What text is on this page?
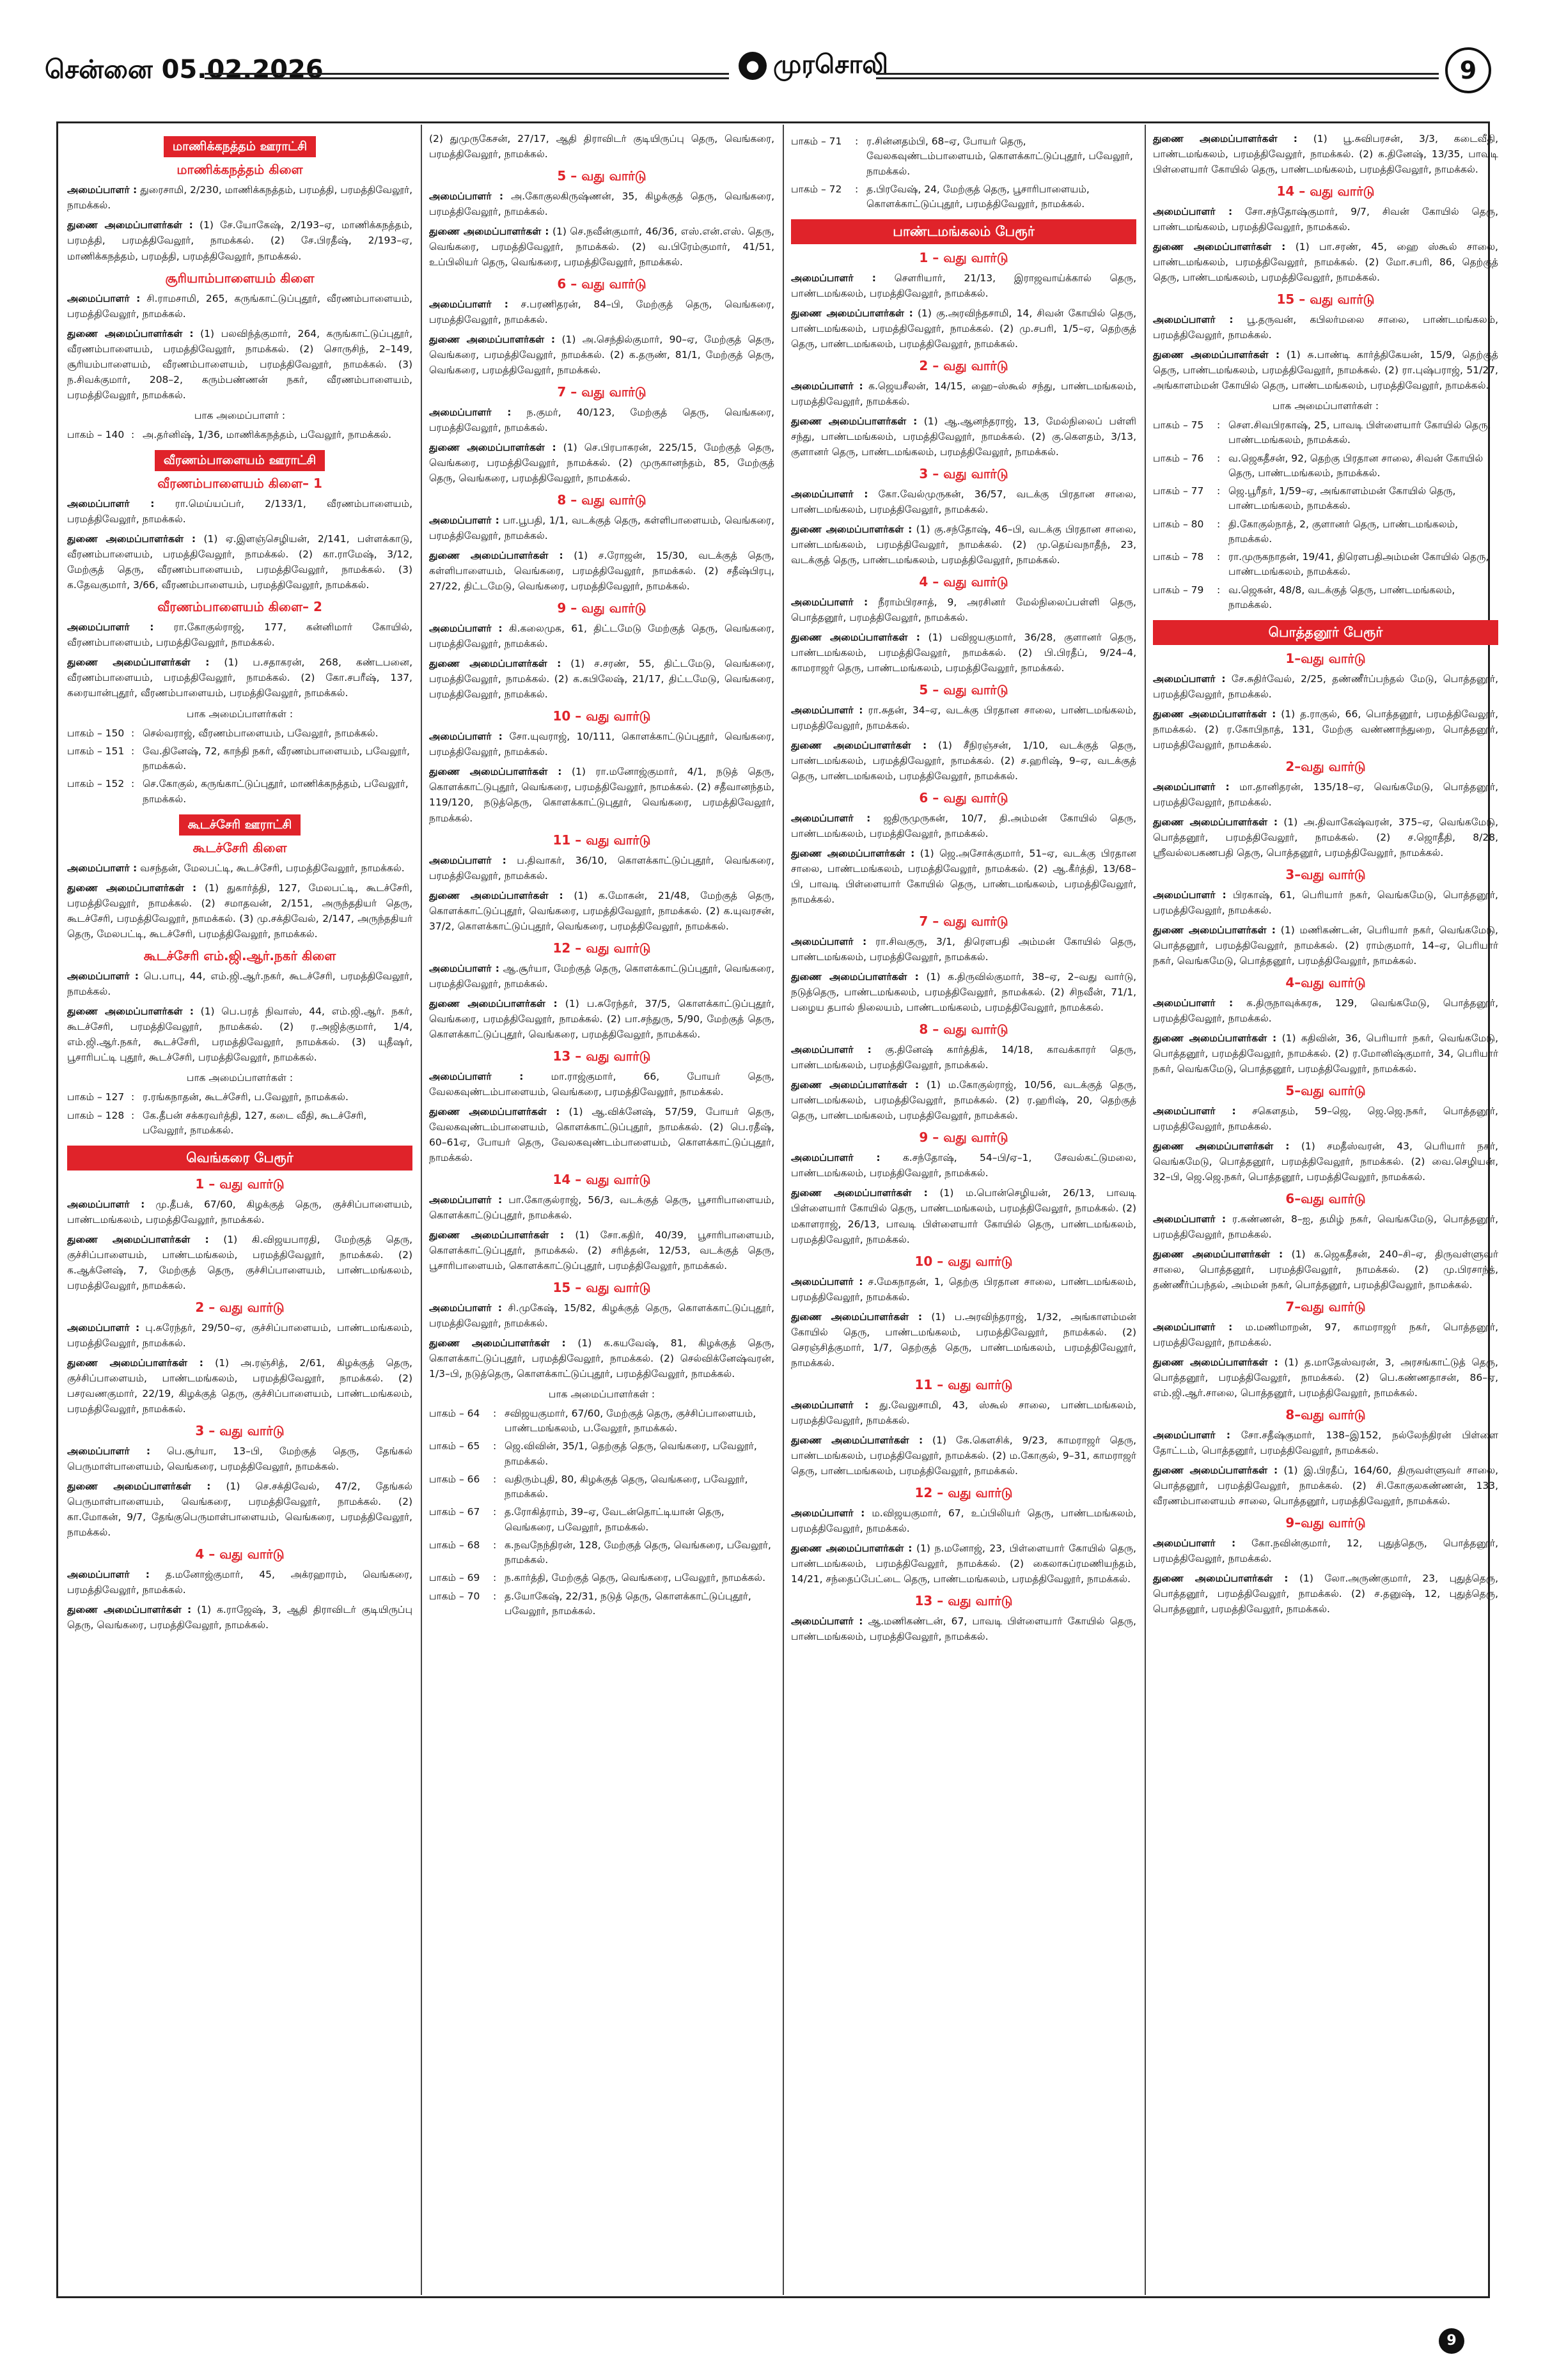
சென்னை 05.02.2026	● முரசொலி	9
மாணிக்கநத்தம் ஊராட்சி
மாணிக்கநத்தம் கிளை

அமைப்பாளர் : துரைசாமி, 2/230, மாணிக்கநத்தம், பரமத்தி, பரமத்திவேலூர், நாமக்கல்.

துணை அமைப்பாளர்கள் : (1) சே.யோகேஷ், 2/193–ஏ, மாணிக்கநத்தம், பரமத்தி, பரமத்திவேலூர், நாமக்கல். (2) சே.பிரதீஷ், 2/193–ஏ, மாணிக்கநத்தம், பரமத்தி, பரமத்திவேலூர், நாமக்கல்.

சூரியாம்பாளையம் கிளை

அமைப்பாளர் : சி.ராமசாமி, 265, கருங்காட்டுப்புதூர், வீரணம்பாளையம், பரமத்திவேலூர், நாமக்கல்.

துணை அமைப்பாளர்கள் : (1) பலவிந்த்குமார், 264, கருங்காட்டுப்புதூர், வீரணம்பாளையம், பரமத்திவேலூர், நாமக்கல். (2) சொருசிந், 2–149, சூரியம்பாளையம், வீரணம்பாளையம், பரமத்திவேலூர், நாமக்கல். (3) ந.சிவக்குமார், 208–2, கரும்பண்ணன் நகர், வீரணம்பாளையம், பரமத்திவேலூர், நாமக்கல்.

பாக அமைப்பாளர் :
பாகம் – 140	:	அ.தர்னிஷ், 1/36, மாணிக்கநத்தம், பவேலூர், நாமக்கல்.
வீரணம்பாளையம் ஊராட்சி
வீரணம்பாளையம் கிளை– 1

அமைப்பாளர் : ரா.மெய்யப்பர், 2/133/1, வீரணம்பாளையம், பரமத்திவேலூர், நாமக்கல்.

துணை அமைப்பாளர்கள் : (1) ஏ.இளஞ்செழியன், 2/141, பள்ளக்காடு, வீரணம்பாளையம், பரமத்திவேலூர், நாமக்கல். (2) கா.ராமேஷ், 3/12, மேற்குத் தெரு, வீரணம்பாளையம், பரமத்திவேலூர், நாமக்கல். (3) க.தேவகுமார், 3/66, வீரணம்பாளையம், பரமத்திவேலூர், நாமக்கல்.

வீரணம்பாளையம் கிளை– 2

அமைப்பாளர் : ரா.கோகுல்ராஜ், 177, கன்னிமார் கோயில், வீரணம்பாளையம், பரமத்திவேலூர், நாமக்கல்.

துணை அமைப்பாளர்கள் : (1) ப.சதாகரன், 268, கண்டபனை, வீரணம்பாளையம், பரமத்திவேலூர், நாமக்கல். (2) கோ.சபரீஷ், 137, கரையான்புதூர், வீரணம்பாளையம், பரமத்திவேலூர், நாமக்கல்.

பாக அமைப்பாளர்கள் :
பாகம் – 150	:	செல்வராஜ், வீரணம்பாளையம், பவேலூர், நாமக்கல்.
பாகம் – 151	:	வே.தினேஷ், 72, காந்தி நகர், வீரணம்பாளையம், பவேலூர், நாமக்கல்.
பாகம் – 152	:	செ.கோகுல், கருங்காட்டுப்புதூர், மாணிக்கநத்தம், பவேலூர், நாமக்கல்.
கூடச்சேரி ஊராட்சி
கூடச்சேரி கிளை

அமைப்பாளர் : வசந்தன், மேலபட்டி, கூடச்சேரி, பரமத்திவேலூர், நாமக்கல்.

துணை அமைப்பாளர்கள் : (1) துகார்த்தி, 127, மேலபட்டி, கூடச்சேரி, பரமத்திவேலூர், நாமக்கல். (2) சமாதவன், 2/151, அருந்ததியர் தெரு, கூடச்சேரி, பரமத்திவேலூர், நாமக்கல். (3) மு.சக்திவேல், 2/147, அருந்ததியர் தெரு, மேலபட்டி, கூடச்சேரி, பரமத்திவேலூர், நாமக்கல்.

கூடச்சேரி எம்.ஜி.ஆர்.நகர் கிளை

அமைப்பாளர் : பெ.பாபு, 44, எம்.ஜி.ஆர்.நகர், கூடச்சேரி, பரமத்திவேலூர், நாமக்கல்.

துணை அமைப்பாளர்கள் : (1) பெ.பரத் நிவாஸ், 44, எம்.ஜி.ஆர். நகர், கூடச்சேரி, பரமத்திவேலூர், நாமக்கல். (2) ர.அஜித்குமார், 1/4, எம்.ஜி.ஆர்.நகர், கூடச்சேரி, பரமத்திவேலூர், நாமக்கல். (3) யுதீஷர், பூசாரிபட்டி புதூர், கூடச்சேரி, பரமத்திவேலூர், நாமக்கல்.

பாக அமைப்பாளர்கள் :
பாகம் – 127	:	ர.ரங்கநாதன், கூடச்சேரி, ப.வேலூர், நாமக்கல்.
பாகம் – 128	:	கே.தீபன் சக்கரவர்த்தி, 127, கடை வீதி, கூடச்சேரி, பவேலூர், நாமக்கல்.
வெங்கரை பேரூர்
1 – வது வார்டு

அமைப்பாளர் : மு.தீபக், 67/60, கிழக்குத் தெரு, குச்சிப்பாளையம், பாண்டமங்கலம், பரமத்திவேலூர், நாமக்கல்.

துணை அமைப்பாளர்கள் : (1) கி.விஜயபாரதி, மேற்குத் தெரு, குச்சிப்பாளையம், பாண்டமங்கலம், பரமத்திவேலூர், நாமக்கல். (2) க.ஆக்னேஷ், 7, மேற்குத் தெரு, குச்சிப்பாளையம், பாண்டமங்கலம், பரமத்திவேலூர், நாமக்கல்.

2 – வது வார்டு

அமைப்பாளர் : பு.சுரேந்தர், 29/50–ஏ, குச்சிப்பாளையம், பாண்டமங்கலம், பரமத்திவேலூர், நாமக்கல்.

துணை அமைப்பாளர்கள் : (1) அ.ரஞ்சித், 2/61, கிழக்குத் தெரு, குச்சிப்பாளையம், பாண்டமங்கலம், பரமத்திவேலூர், நாமக்கல். (2) பசரவணகுமார், 22/19, கிழக்குத் தெரு, குச்சிப்பாளையம், பாண்டமங்கலம், பரமத்திவேலூர், நாமக்கல்.

3 – வது வார்டு

அமைப்பாளர் : பெ.சூர்யா, 13–பி, மேற்குத் தெரு, தேங்கல் பெருமாள்பாளையம், வெங்கரை, பரமத்திவேலூர், நாமக்கல்.

துணை அமைப்பாளர்கள் : (1) செ.சக்திவேல், 47/2, தேங்கல் பெருமாள்பாளையம், வெங்கரை, பரமத்திவேலூர், நாமக்கல். (2) கா.மோகன், 9/7, தேங்குபெருமாள்பாளையம், வெங்கரை, பரமத்திவேலூர், நாமக்கல்.

4 – வது வார்டு

அமைப்பாளர் : த.மனோஜ்குமார், 45, அக்ரஹாரம், வெங்கரை, பரமத்திவேலூர், நாமக்கல்.

துணை அமைப்பாளர்கள் : (1) க.ராஜேஷ், 3, ஆதி திராவிடர் குடியிருப்பு தெரு, வெங்கரை, பரமத்திவேலூர், நாமக்கல்.

(2) துமுருகேசன், 27/17, ஆதி திராவிடர் குடியிருப்பு தெரு, வெங்கரை, பரமத்திவேலூர், நாமக்கல்.

5 – வது வார்டு

அமைப்பாளர் : அ.கோகுலகிருஷ்ணன், 35, கிழக்குத் தெரு, வெங்கரை, பரமத்திவேலூர், நாமக்கல்.

துணை அமைப்பாளர்கள் : (1) செ.நவீன்குமார், 46/36, எஸ்.என்.எஸ். தெரு, வெங்கரை, பரமத்திவேலூர், நாமக்கல். (2) வ.பிரேம்குமார், 41/51, உப்பிலியர் தெரு, வெங்கரை, பரமத்திவேலூர், நாமக்கல்.

6 – வது வார்டு

அமைப்பாளர் : ச.பரணிதரன், 84–பி, மேற்குத் தெரு, வெங்கரை, பரமத்திவேலூர், நாமக்கல்.

துணை அமைப்பாளர்கள் : (1) அ.செந்தில்குமார், 90–ஏ, மேற்குத் தெரு, வெங்கரை, பரமத்திவேலூர், நாமக்கல். (2) க.தருண், 81/1, மேற்குத் தெரு, வெங்கரை, பரமத்திவேலூர், நாமக்கல்.

7 – வது வார்டு

அமைப்பாளர் : ந.குமர், 40/123, மேற்குத் தெரு, வெங்கரை, பரமத்திவேலூர், நாமக்கல்.

துணை அமைப்பாளர்கள் : (1) செ.பிரபாகரன், 225/15, மேற்குத் தெரு, வெங்கரை, பரமத்திவேலூர், நாமக்கல். (2) முருகானந்தம், 85, மேற்குத் தெரு, வெங்கரை, பரமத்திவேலூர், நாமக்கல்.

8 – வது வார்டு

அமைப்பாளர் : பா.பூபதி, 1/1, வடக்குத் தெரு, கள்ளிபாளையம், வெங்கரை, பரமத்திவேலூர், நாமக்கல்.

துணை அமைப்பாளர்கள் : (1) ச.ரோஜன், 15/30, வடக்குத் தெரு, கள்ளிபாளையம், வெங்கரை, பரமத்திவேலூர், நாமக்கல். (2) சதீஷ்பிரபு, 27/22, திட்டமேடு, வெங்கரை, பரமத்திவேலூர், நாமக்கல்.

9 – வது வார்டு

அமைப்பாளர் : கி.கலைமுக, 61, திட்டமேடு மேற்குத் தெரு, வெங்கரை, பரமத்திவேலூர், நாமக்கல்.

துணை அமைப்பாளர்கள் : (1) ச.சரண், 55, திட்டமேடு, வெங்கரை, பரமத்திவேலூர், நாமக்கல். (2) க.கபிலேஷ், 21/17, திட்டமேடு, வெங்கரை, பரமத்திவேலூர், நாமக்கல்.

10 – வது வார்டு

அமைப்பாளர் : சோ.யுவராஜ், 10/111, கொளக்காட்டுப்புதூர், வெங்கரை, பரமத்திவேலூர், நாமக்கல்.

துணை அமைப்பாளர்கள் : (1) ரா.மனோஜ்குமார், 4/1, நடுத் தெரு, கொளக்காட்டுபுதூர், வெங்கரை, பரமத்திவேலூர், நாமக்கல். (2) சதீவானந்தம், 119/120, நடுத்தெரு, கொளக்காட்டுபுதூர், வெங்கரை, பரமத்திவேலூர், நாமக்கல்.

11 – வது வார்டு

அமைப்பாளர் : ப.திவாகர், 36/10, கொளக்காட்டுப்புதூர், வெங்கரை, பரமத்திவேலூர், நாமக்கல்.

துணை அமைப்பாளர்கள் : (1) க.மோகன், 21/48, மேற்குத் தெரு, கொளக்காட்டுப்புதூர், வெங்கரை, பரமத்திவேலூர், நாமக்கல். (2) க.யுவரசன், 37/2, கொளக்காட்டுப்புதூர், வெங்கரை, பரமத்திவேலூர், நாமக்கல்.

12 – வது வார்டு

அமைப்பாளர் : ஆ.சூர்யா, மேற்குத் தெரு, கொளக்காட்டுப்புதூர், வெங்கரை, பரமத்திவேலூர், நாமக்கல்.

துணை அமைப்பாளர்கள் : (1) ப.சுரேந்தர், 37/5, கொளக்காட்டுப்புதூர், வெங்கரை, பரமத்திவேலூர், நாமக்கல். (2) பா.சந்துரு, 5/90, மேற்குத் தெரு, கொளக்காட்டுப்புதூர், வெங்கரை, பரமத்திவேலூர், நாமக்கல்.

13 – வது வார்டு

அமைப்பாளர் :	மா.ராஜ்குமார், 66, போயர் தெரு, வேலகவுண்டம்பாளையம், வெங்கரை, பரமத்திவேலூர், நாமக்கல்.

துணை அமைப்பாளர்கள் : (1) ஆ.விக்னேஷ், 57/59, போயர் தெரு, வேலகவுண்டம்பாளையம், கொளக்காட்டுப்புதூர், நாமக்கல். (2) பெ.ரதீஷ், 60–61ஏ, போயர் தெரு, வேலகவுண்டம்பாளையம், கொளக்காட்டுப்புதூர், நாமக்கல்.

14 – வது வார்டு

அமைப்பாளர் : பா.கோகுல்ராஜ், 56/3, வடக்குத் தெரு, பூசாரிபாளையம், கொளக்காட்டுப்புதூர், நாமக்கல்.

துணை அமைப்பாளர்கள் : (1) சோ.கதிர், 40/39, பூசாரிபாளையம், கொளக்காட்டுப்புதூர், நாமக்கல். (2) சரித்தன், 12/53, வடக்குத் தெரு, பூசாரிபாளையம், கொளக்காட்டுப்புதூர், பரமத்திவேலூர், நாமக்கல்.

15 – வது வார்டு

அமைப்பாளர் : சி.முகேஷ், 15/82, கிழக்குத் தெரு, கொளக்காட்டுப்புதூர், பரமத்திவேலூர், நாமக்கல்.

துணை அமைப்பாளர்கள் : (1) க.கயவேஷ், 81, கிழக்குத் தெரு, கொளக்காட்டுப்புதூர், பரமத்திவேலூர், நாமக்கல். (2) செல்விக்னேஷ்வரன், 1/3–பி, நடுத்தெரு, கொளக்காட்டுப்புதூர், பரமத்திவேலூர், நாமக்கல்.

பாக அமைப்பாளர்கள் :
பாகம் – 64	:	சவிஜயகுமார், 67/60, மேற்குத் தெரு, குச்சிப்பாளையம், பாண்டமங்கலம், ப.வேலூர், நாமக்கல்.
பாகம் – 65	:	ஜெ.விவின், 35/1, தெற்குத் தெரு, வெங்கரை, பவேலூர், நாமக்கல்.
பாகம் – 66	:	வதிரும்புதி, 80, கிழக்குத் தெரு, வெங்கரை, பவேலூர், நாமக்கல்.
பாகம் – 67	:	த.ரோகித்ராம், 39–ஏ, வேடன்தொட்டியான் தெரு, வெங்கரை, பவேலூர், நாமக்கல்.
பாகம் – 68	:	க.நவநேந்திரன், 128, மேற்குத் தெரு, வெங்கரை, பவேலூர், நாமக்கல்.
பாகம் – 69	:	ந.கார்த்தி, மேற்குத் தெரு, வெங்கரை, பவேலூர், நாமக்கல்.
பாகம் – 70	:	த.யோகேஷ், 22/31, நடுத் தெரு, கொளக்காட்டுப்புதூர், பவேலூர், நாமக்கல்.
பாகம் – 71	:	ர.சின்னதம்பி, 68–ஏ, போயர் தெரு, வேலகவுண்டம்பாளையம், கொளக்காட்டுப்புதூர், பவேலூர், நாமக்கல்.
பாகம் – 72	:	த.பிரவேஷ், 24, மேற்குத் தெரு, பூசாரிபாளையம், கொளக்காட்டுப்புதூர், பரமத்திவேலூர், நாமக்கல்.
பாண்டமங்கலம் பேரூர்
1 – வது வார்டு

அமைப்பாளர் : சௌரியார், 21/13, இராஜவாய்க்கால் தெரு, பாண்டமங்கலம், பரமத்திவேலூர், நாமக்கல்.

துணை அமைப்பாளர்கள் : (1) கு.அரவிந்தசாமி, 14, சிவன் கோயில் தெரு, பாண்டமங்கலம், பரமத்திவேலூர், நாமக்கல். (2) மு.சபரி, 1/5–ஏ, தெற்குத் தெரு, பாண்டமங்கலம், பரமத்திவேலூர், நாமக்கல்.

2 – வது வார்டு

அமைப்பாளர் : க.ஜெயசீலன், 14/15, ஹை–ஸ்கூல் சந்து, பாண்டமங்கலம், பரமத்திவேலூர், நாமக்கல்.

துணை அமைப்பாளர்கள் : (1) ஆ.ஆனந்தராஜ், 13, மேல்நிலைப் பள்ளி சந்து, பாண்டமங்கலம், பரமத்திவேலூர், நாமக்கல். (2) கு.கௌதம், 3/13, குளானர் தெரு, பாண்டமங்கலம், பரமத்திவேலூர், நாமக்கல்.

3 – வது வார்டு

அமைப்பாளர் : கோ.வேல்முருகன், 36/57, வடக்கு பிரதான சாலை, பாண்டமங்கலம், பரமத்திவேலூர், நாமக்கல்.

துணை அமைப்பாளர்கள் : (1) கு.சந்தோஷ், 46–பி, வடக்கு பிரதான சாலை, பாண்டமங்கலம், பரமத்திவேலூர், நாமக்கல். (2) மு.தெய்வநாதீந், 23, வடக்குத் தெரு, பாண்டமங்கலம், பரமத்திவேலூர், நாமக்கல்.

4 – வது வார்டு

அமைப்பாளர் : நீராம்பிரசாத், 9, அரசினர் மேல்நிலைப்பள்ளி தெரு, பொத்தனூர், பரமத்திவேலூர், நாமக்கல்.

துணை அமைப்பாளர்கள் : (1) பவிஜயகுமார், 36/28, குளானர் தெரு, பாண்டமங்கலம், பரமத்திவேலூர், நாமக்கல். (2) பி.பிரதீப், 9/24–4, காமராஜர் தெரு, பாண்டமங்கலம், பரமத்திவேலூர், நாமக்கல்.

5 – வது வார்டு

அமைப்பாளர் : ரா.சுதன், 34–ஏ, வடக்கு பிரதான சாலை, பாண்டமங்கலம், பரமத்திவேலூர், நாமக்கல்.

துணை அமைப்பாளர்கள் : (1) சீநிரஞ்சன், 1/10, வடக்குத் தெரு, பாண்டமங்கலம், பரமத்திவேலூர், நாமக்கல். (2) ச.ஹரிஷ், 9–ஏ, வடக்குத் தெரு, பாண்டமங்கலம், பரமத்திவேலூர், நாமக்கல்.

6 – வது வார்டு

அமைப்பாளர் : ஜதிருமுருகன், 10/7, தி.அம்மன் கோயில் தெரு, பாண்டமங்கலம், பரமத்திவேலூர், நாமக்கல்.

துணை அமைப்பாளர்கள் : (1) ஜெ.அசோக்குமார், 51–ஏ, வடக்கு பிரதான சாலை, பாண்டமங்கலம், பரமத்திவேலூர், நாமக்கல். (2) ஆ.கீர்த்தி, 13/68–பி, பாவடி பிள்ளையார் கோயில் தெரு, பாண்டமங்கலம், பரமத்திவேலூர், நாமக்கல்.

7 – வது வார்டு

அமைப்பாளர் : ரா.சிவகுரு, 3/1, திரௌபதி அம்மன் கோயில் தெரு, பாண்டமங்கலம், பரமத்திவேலூர், நாமக்கல்.

துணை அமைப்பாளர்கள் : (1) க.திருவில்குமார், 38–ஏ, 2–வது வார்டு, நடுத்தெரு, பாண்டமங்கலம், பரமத்திவேலூர், நாமக்கல். (2) சிநவீன், 71/1, பழைய தபால் நிலையம், பாண்டமங்கலம், பரமத்திவேலூர், நாமக்கல்.

8 – வது வார்டு

அமைப்பாளர் : கு.தினேஷ் கார்த்திக், 14/18, காவக்காரர் தெரு, பாண்டமங்கலம், பரமத்திவேலூர், நாமக்கல்.

துணை அமைப்பாளர்கள் : (1) ம.கோகுல்ராஜ், 10/56, வடக்குத் தெரு, பாண்டமங்கலம், பரமத்திவேலூர், நாமக்கல். (2) ர.ஹரிஷ், 20, தெற்குத் தெரு, பாண்டமங்கலம், பரமத்திவேலூர், நாமக்கல்.

9 – வது வார்டு

அமைப்பாளர் : க.சந்தோஷ், 54–பி/ஏ–1, சேவல்கட்டுமலை, பாண்டமங்கலம், பரமத்திவேலூர், நாமக்கல்.

துணை அமைப்பாளர்கள் : (1) ம.பொன்செழியன், 26/13, பாவடி பிள்ளையார் கோயில் தெரு, பாண்டமங்கலம், பரமத்திவேலூர், நாமக்கல். (2) மகாளராஜ், 26/13, பாவடி பிள்ளையார் கோயில் தெரு, பாண்டமங்கலம், பரமத்திவேலூர், நாமக்கல்.

10 – வது வார்டு

அமைப்பாளர் : ச.மேகநாதன், 1, தெற்கு பிரதான சாலை, பாண்டமங்கலம், பரமத்திவேலூர், நாமக்கல்.

துணை அமைப்பாளர்கள் : (1) ப.அரவிந்தராஜ், 1/32, அங்காளம்மன் கோயில் தெரு, பாண்டமங்கலம், பரமத்திவேலூர், நாமக்கல். (2) செரஞ்சித்குமார், 1/7, தெற்குத் தெரு, பாண்டமங்கலம், பரமத்திவேலூர், நாமக்கல்.

11 – வது வார்டு

அமைப்பாளர் : து.வேலுசாமி, 43, ஸ்கூல் சாலை, பாண்டமங்கலம், பரமத்திவேலூர், நாமக்கல்.

துணை அமைப்பாளர்கள் : (1) கே.கௌசிக், 9/23, காமராஜர் தெரு, பாண்டமங்கலம், பரமத்திவேலூர், நாமக்கல். (2) ம.கோகுல், 9–31, காமராஜர் தெரு, பாண்டமங்கலம், பரமத்திவேலூர், நாமக்கல்.

12 – வது வார்டு

அமைப்பாளர் : ம.விஜயகுமார், 67, உப்பிலியர் தெரு, பாண்டமங்கலம், பரமத்திவேலூர், நாமக்கல்.

துணை அமைப்பாளர்கள் : (1) ந.மனோஜ், 23, பிள்ளையார் கோயில் தெரு, பாண்டமங்கலம், பரமத்திவேலூர், நாமக்கல். (2) கைலாசுப்ரமணியந்தம், 14/21, சந்தைப்பேட்டை தெரு, பாண்டமங்கலம், பரமத்திவேலூர், நாமக்கல்.

13 – வது வார்டு

அமைப்பாளர் : ஆ.மணிகண்டன், 67, பாவடி பிள்ளையார் கோயில் தெரு, பாண்டமங்கலம், பரமத்திவேலூர், நாமக்கல்.

துணை அமைப்பாளர்கள் : (1) பூ.சுவிபரசன், 3/3, கடைவீதி, பாண்டமங்கலம், பரமத்திவேலூர், நாமக்கல். (2) க.தினேஷ், 13/35, பாவடி பிள்ளையார் கோயில் தெரு, பாண்டமங்கலம், பரமத்திவேலூர், நாமக்கல்.

14 – வது வார்டு

அமைப்பாளர் : சோ.சந்தோஷ்குமார், 9/7, சிவன் கோயில் தெரு, பாண்டமங்கலம், பரமத்திவேலூர், நாமக்கல்.

துணை அமைப்பாளர்கள் : (1) பா.சரண், 45, ஹை ஸ்கூல் சாலை, பாண்டமங்கலம், பரமத்திவேலூர், நாமக்கல். (2) மோ.சபரி, 86, தெற்குத் தெரு, பாண்டமங்கலம், பரமத்திவேலூர், நாமக்கல்.

15 – வது வார்டு

அமைப்பாளர் : பூ.தருவன், கபிலர்மலை சாலை, பாண்டமங்கலம், பரமத்திவேலூர், நாமக்கல்.

துணை அமைப்பாளர்கள் : (1) சு.பாண்டி கார்த்திகேயன், 15/9, தெற்குத் தெரு, பாண்டமங்கலம், பரமத்திவேலூர், நாமக்கல். (2) ரா.புஷ்பராஜ், 51/27, அங்காளம்மன் கோயில் தெரு, பாண்டமங்கலம், பரமத்திவேலூர், நாமக்கல்.

பாக அமைப்பாளர்கள் :
பாகம் – 75	:	சௌ.சிவபிரகாஷ், 25, பாவடி பிள்ளையார் கோயில் தெரு, பாண்டமங்கலம், நாமக்கல்.
பாகம் – 76	:	வ.ஜெகதீசன், 92, தெற்கு பிரதான சாலை, சிவன் கோயில் தெரு, பாண்டமங்கலம், நாமக்கல்.
பாகம் – 77	:	ஜெ.பூரீதர், 1/59–ஏ, அங்காளம்மன் கோயில் தெரு, பாண்டமங்கலம், நாமக்கல்.
பாகம் – 80	:	தி.கோகுல்நாத், 2, குளானர் தெரு, பாண்டமங்கலம், நாமக்கல்.
பாகம் – 78	:	ரா.முருகநாதன், 19/41, திரௌபதிஅம்மன் கோயில் தெரு, பாண்டமங்கலம், நாமக்கல்.
பாகம் – 79	:	வ.ஜெகன், 48/8, வடக்குத் தெரு, பாண்டமங்கலம், நாமக்கல்.
பொத்தனூர் பேரூர்
1–வது வார்டு

அமைப்பாளர் : சே.சுதிர்வேல், 2/25, தண்ணீர்ப்பந்தல் மேடு, பொத்தனூர், பரமத்திவேலூர், நாமக்கல்.

துணை அமைப்பாளர்கள் : (1) த.ராகுல், 66, பொத்தனூர், பரமத்திவேலூர், நாமக்கல். (2) ர.கோபிநாத், 131, மேற்கு வண்ணாந்துறை, பொத்தனூர், பரமத்திவேலூர், நாமக்கல்.

2–வது வார்டு

அமைப்பாளர் : மா.தானிதரன், 135/18–ஏ, வெங்கமேடு, பொத்தனூர், பரமத்திவேலூர், நாமக்கல்.

துணை அமைப்பாளர்கள் : (1) அ.திவாகேஷ்வரன், 375–ஏ, வெங்கமேடு, பொத்தனூர், பரமத்திவேலூர், நாமக்கல். (2) ச.ஜொதீதி, 8/28, ஸ்ரீவல்லபகணபதி தெரு, பொத்தனூர், பரமத்திவேலூர், நாமக்கல்.

3–வது வார்டு

அமைப்பாளர் : பிரகாஷ், 61, பெரியார் நகர், வெங்கமேடு, பொத்தனூர், பரமத்திவேலூர், நாமக்கல்.

துணை அமைப்பாளர்கள் : (1) மணிகண்டன், பெரியார் நகர், வெங்கமேடு, பொத்தனூர், பரமத்திவேலூர், நாமக்கல். (2) ராம்குமார், 14–ஏ, பெரியார் நகர், வெங்கமேடு, பொத்தனூர், பரமத்திவேலூர், நாமக்கல்.

4–வது வார்டு

அமைப்பாளர் : க.திருநாவுக்கரசு, 129, வெங்கமேடு, பொத்தனூர், பரமத்திவேலூர், நாமக்கல்.

துணை அமைப்பாளர்கள் : (1) கதிவின், 36, பெரியார் நகர், வெங்கமேடு, பொத்தனூர், பரமத்திவேலூர், நாமக்கல். (2) ர.மோனிஷ்குமார், 34, பெரியார் நகர், வெங்கமேடு, பொத்தனூர், பரமத்திவேலூர், நாமக்கல்.

5–வது வார்டு

அமைப்பாளர் : சகௌதம், 59–ஜெ, ஜெ.ஜெ.நகர், பொத்தனூர், பரமத்திவேலூர், நாமக்கல்.

துணை அமைப்பாளர்கள் : (1) சமதீஸ்வரன், 43, பெரியார் நகர், வெங்கமேடு, பொத்தனூர், பரமத்திவேலூர், நாமக்கல். (2) வை.செழியன், 32–பி, ஜெ.ஜெ.நகர், பொத்தனூர், பரமத்திவேலூர், நாமக்கல்.

6–வது வார்டு

அமைப்பாளர் : ர.கண்ணன், 8–ஐ, தமிழ் நகர், வெங்கமேடு, பொத்தனூர், பரமத்திவேலூர், நாமக்கல்.

துணை அமைப்பாளர்கள் : (1) க.ஜெகதீசன், 240–சி–ஏ, திருவள்ளுவர் சாலை, பொத்தனூர், பரமத்திவேலூர், நாமக்கல். (2) மு.பிரசாந்த், தண்ணீர்ப்பந்தல், அம்மன் நகர், பொத்தனூர், பரமத்திவேலூர், நாமக்கல்.

7–வது வார்டு

அமைப்பாளர் : ம.மணிமாறன், 97, காமராஜர் நகர், பொத்தனூர், பரமத்திவேலூர், நாமக்கல்.

துணை அமைப்பாளர்கள் : (1) த.மாதேஸ்வரன், 3, அரசங்காட்டுத் தெரு, பொத்தனூர், பரமத்திவேலூர், நாமக்கல். (2) பெ.கண்ணதாசன், 86–ஏ, எம்.ஜி.ஆர்.சாலை, பொத்தனூர், பரமத்திவேலூர், நாமக்கல்.

8–வது வார்டு

அமைப்பாளர் : சோ.சதீஷ்குமார், 138–இ152, நல்லேந்திரன் பிள்ளை தோட்டம், பொத்தனூர், பரமத்திவேலூர், நாமக்கல்.

துணை அமைப்பாளர்கள் : (1) இ.பிரதீப், 164/60, திருவள்ளுவர் சாலை, பொத்தனூர், பரமத்திவேலூர், நாமக்கல். (2) சி.கோகுலகண்ணன், 133, வீரணம்பாளையம் சாலை, பொத்தனூர், பரமத்திவேலூர், நாமக்கல்.

9–வது வார்டு

அமைப்பாளர் : கோ.நவின்குமார், 12, புதுத்தெரு, பொத்தனூர், பரமத்திவேலூர், நாமக்கல்.

துணை அமைப்பாளர்கள் : (1) லோ.அருண்குமார், 23, புதுத்தெரு, பொத்தனூர், பரமத்திவேலூர், நாமக்கல். (2) ச.தனுஷ், 12, புதுத்தெரு, பொத்தனூர், பரமத்திவேலூர், நாமக்கல்.

9
